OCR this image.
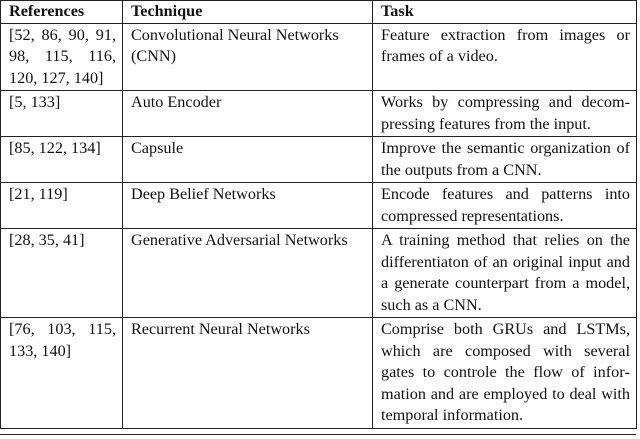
References	Technique	Task
[52, 86, 90, 91, 98, 115, 116, 120, 127, 140]	Convolutional Neural Networks (CNN)	Feature extraction from images or frames of a video.
[5, 133]	Auto Encoder	Works by compressing and decompressing features from the input.
[85, 122, 134]	Capsule	Improve the semantic organization of the outputs from a CNN.
[21, 119]	Deep Belief Networks	Encode features and patterns into compressed representations.
[28, 35, 41]	Generative Adversarial Networks	A training method that relies on the differentiaton of an original input and a generate counterpart from a model, such as a CNN.
[76, 103, 115, 133, 140]	Recurrent Neural Networks	Comprise both GRUs and LSTMs, which are composed with several gates to controle the flow of information and are employed to deal with temporal information.
